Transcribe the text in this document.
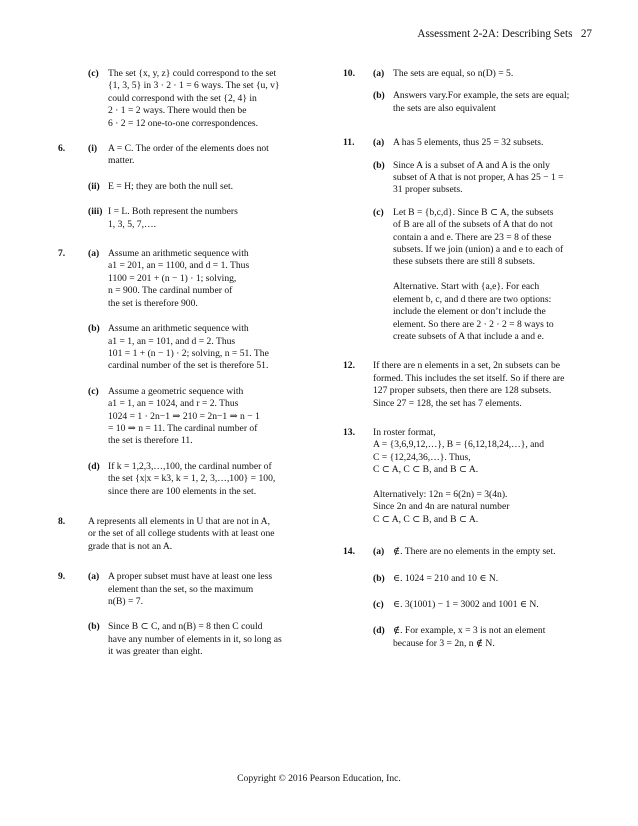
Assessment 2-2A: Describing Sets 27
(c) The set {x, y, z} could correspond to the set
{1, 3, 5} in 3 · 2 · 1 = 6 ways. The set {u, v}
could correspond with the set {2, 4} in
2 · 1 = 2 ways. There would then be
6 · 2 = 12 one-to-one correspondences.
6. (i) A = C. The order of the elements does not
matter.
(ii) E = H; they are both the null set.
(iii) I = L. Both represent the numbers
1, 3, 5, 7,….
7. (a) Assume an arithmetic sequence with
a1 = 201, an = 1100, and d = 1. Thus
1100 = 201 + (n − 1) · 1; solving,
n = 900. The cardinal number of
the set is therefore 900.
(b) Assume an arithmetic sequence with
a1 = 1, an = 101, and d = 2. Thus
101 = 1 + (n − 1) · 2; solving, n = 51. The
cardinal number of the set is therefore 51.
(c) Assume a geometric sequence with
a1 = 1, an = 1024, and r = 2. Thus
1024 = 1 · 2n−1 ⇒ 210 = 2n−1 ⇒ n − 1
= 10 ⇒ n = 11. The cardinal number of
the set is therefore 11.
(d) If k = 1,2,3,…,100, the cardinal number of
the set {x|x = k3, k = 1, 2, 3,…,100} = 100,
since there are 100 elements in the set.
8. A represents all elements in U that are not in A,
or the set of all college students with at least one
grade that is not an A.
9. (a) A proper subset must have at least one less
element than the set, so the maximum
n(B) = 7.
(b) Since B ⊂ C, and n(B) = 8 then C could
have any number of elements in it, so long as
it was greater than eight.
10. (a) The sets are equal, so n(D) = 5.
(b) Answers vary.For example, the sets are equal;
the sets are also equivalent
11. (a) A has 5 elements, thus 25 = 32 subsets.
(b) Since A is a subset of A and A is the only
subset of A that is not proper, A has 25 − 1 =
31 proper subsets.
(c) Let B = {b,c,d}. Since B ⊂ A, the subsets
of B are all of the subsets of A that do not
contain a and e. There are 23 = 8 of these
subsets. If we join (union) a and e to each of
these subsets there are still 8 subsets.

Alternative. Start with {a,e}. For each
element b, c, and d there are two options:
include the element or don’t include the
element. So there are 2 · 2 · 2 = 8 ways to
create subsets of A that include a and e.
12. If there are n elements in a set, 2n subsets can be
formed. This includes the set itself. So if there are
127 proper subsets, then there are 128 subsets.
Since 27 = 128, the set has 7 elements.
13. In roster format,
A = {3,6,9,12,…}, B = {6,12,18,24,…}, and
C = {12,24,36,…}. Thus,
C ⊂ A, C ⊂ B, and B ⊂ A.

Alternatively: 12n = 6(2n) = 3(4n).
Since 2n and 4n are natural number
C ⊂ A, C ⊂ B, and B ⊂ A.
14. (a) ∉. There are no elements in the empty set.
(b) ∈. 1024 = 210 and 10 ∈ N.
(c) ∈. 3(1001) − 1 = 3002 and 1001 ∈ N.
(d) ∉. For example, x = 3 is not an element
because for 3 = 2n, n ∉ N.
Copyright © 2016 Pearson Education, Inc.
